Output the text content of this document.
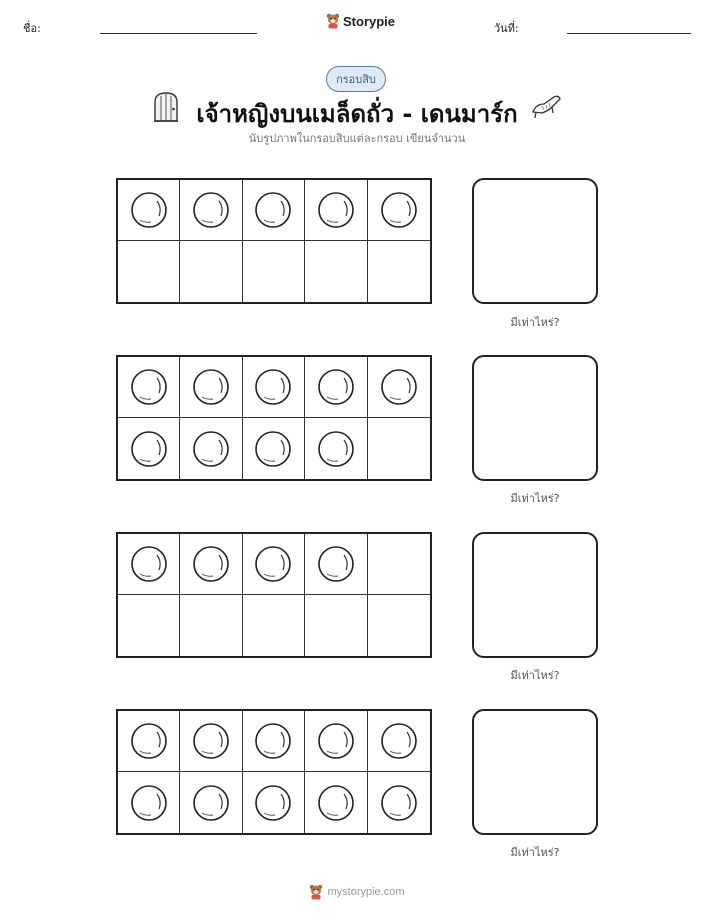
ชื่อ:	Storypie	วันที่:
กรอบสิบ
เจ้าหญิงบนเมล็ดถั่ว - เดนมาร์ก
นับรูปภาพในกรอบสิบแต่ละกรอบ เขียนจำนวน
มีเท่าไหร่?
มีเท่าไหร่?
มีเท่าไหร่?
มีเท่าไหร่?
mystorypie.com
